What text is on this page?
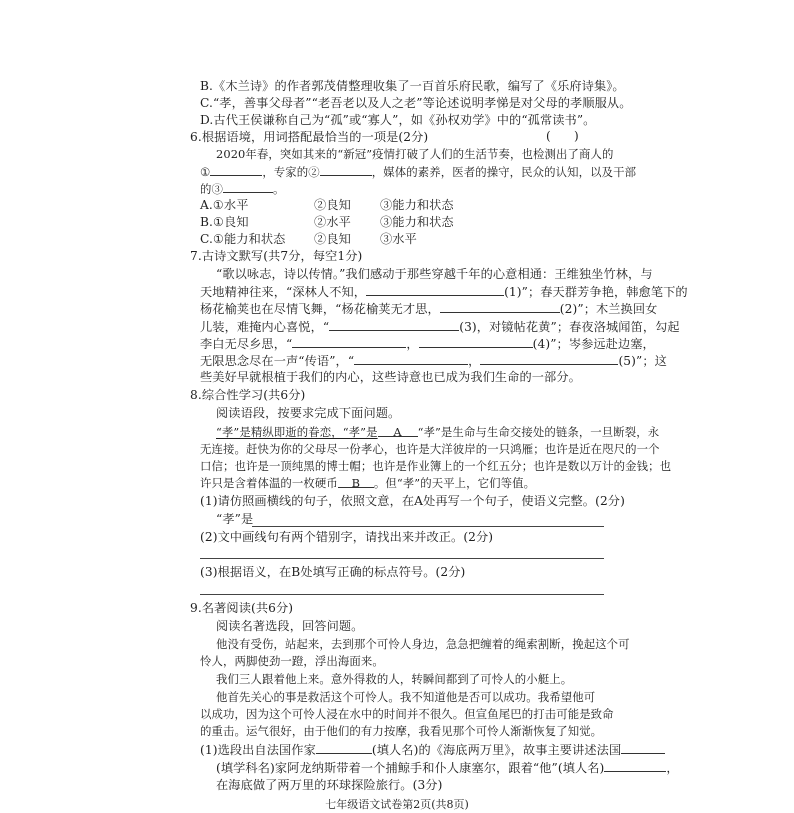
B.《木兰诗》的作者郭茂倩整理收集了一百首乐府民歌，编写了《乐府诗集》。
C.“孝，善事父母者”“老吾老以及人之老”等论述说明孝悌是对父母的孝顺服从。
D.古代王侯谦称自己为“孤”或“寡人”，如《孙权劝学》中的“孤常读书”。
6.根据语境，用词搭配最恰当的一项是(2分)	( )
2020年春，突如其来的“新冠”疫情打破了人们的生活节奏，也检测出了商人的
①	，专家的②	，媒体的素养，医者的操守，民众的认知，以及干部
的③	。
A.①水平	②良知 ③能力和状态
B.①良知	②水平 ③能力和状态
C.①能力和状态 ②良知 ③水平
7.古诗文默写(共7分，每空1分)
“歌以咏志，诗以传情。”我们感动于那些穿越千年的心意相通：王维独坐竹林，与
天地精神往来，“深林人不知，	(1)”；春天群芳争艳，韩愈笔下的
杨花榆荚也在尽情飞舞，“杨花榆荚无才思，	(2)”；木兰换回女
儿装，难掩内心喜悦，“	(3)，对镜帖花黄”；春夜洛城闻笛，勾起
李白无尽乡思，“	，	(4)”；岑参远赴边塞，
无限思念尽在一声“传语”，“	，	(5)”；这
些美好早就根植于我们的内心，这些诗意也已成为我们生命的一部分。
8.综合性学习(共6分)
阅读语段，按要求完成下面问题。
“孝”是精纵即逝的眷恋，“孝”是 A “孝”是生命与生命交接处的链条，一旦断裂，永
无连接。赶快为你的父母尽一份孝心，也许是大洋彼岸的一只鸿雁；也许是近在咫尺的一个
口信；也许是一顶纯黑的博士帽；也许是作业簿上的一个红五分；也许是数以万计的金钱；也
许只是含着体温的一枚硬币 B 。但“孝”的天平上，它们等值。
(1)请仿照画横线的句子，依照文意，在A处再写一个句子，使语义完整。(2分)
“孝”是
(2)文中画线句有两个错别字，请找出来并改正。(2分)
(3)根据语义，在B处填写正确的标点符号。(2分)
9.名著阅读(共6分)
阅读名著选段，回答问题。
他没有受伤，站起来，去到那个可怜人身边，急急把缠着的绳索割断，挽起这个可
怜人，两脚使劲一蹬，浮出海面来。
我们三人跟着他上来。意外得救的人，转瞬间都到了可怜人的小艇上。
他首先关心的事是救活这个可怜人。我不知道他是否可以成功。我希望他可
以成功，因为这个可怜人浸在水中的时间并不很久。但宣鱼尾巴的打击可能是致命
的重击。运气很好，由于他们的有力按摩，我看见那个可怜人渐渐恢复了知觉。
(1)选段出自法国作家	(填人名)的《海底两万里》，故事主要讲述法国
(填学科名)家阿龙纳斯带着一个捕鲸手和仆人康塞尔，跟着“他”(填人名)	，
在海底做了两万里的环球探险旅行。(3分)
七年级语文试卷第2页(共8页)
